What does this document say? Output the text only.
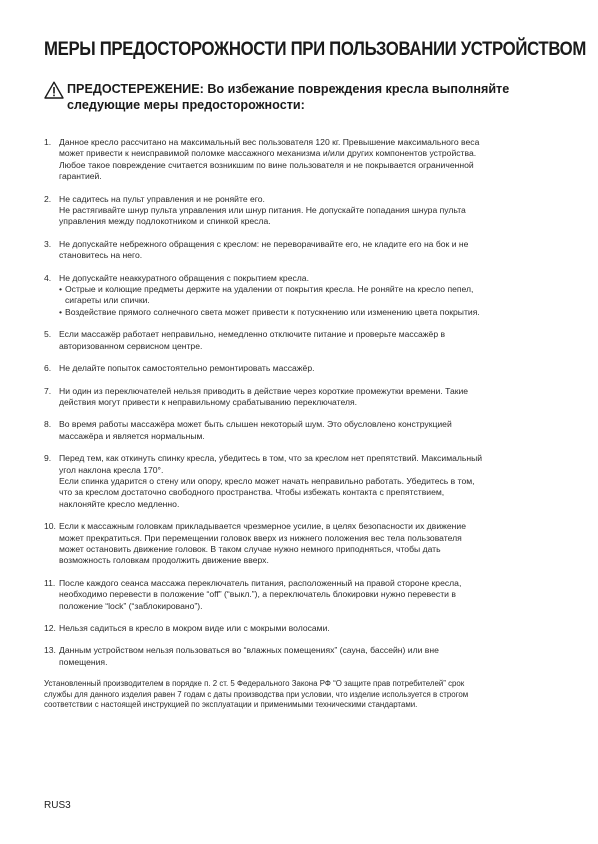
МЕРЫ ПРЕДОСТОРОЖНОСТИ ПРИ ПОЛЬЗОВАНИИ УСТРОЙСТВОМ
ПРЕДОСТЕРЕЖЕНИЕ: Во избежание повреждения кресла выполняйте
следующие меры предосторожности:
1. Данное кресло рассчитано на максимальный вес пользователя 120 кг. Превышение максимального веса
может привести к неисправимой поломке массажного механизма и/или других компонентов устройства.
Любое такое повреждение считается возникшим по вине пользователя и не покрывается ограниченной
гарантией.
2. Не садитесь на пульт управления и не роняйте его.
Не растягивайте шнур пульта управления или шнур питания. Не допускайте попадания шнура пульта
управления между подлокотником и спинкой кресла.
3. Не допускайте небрежного обращения с креслом: не переворачивайте его, не кладите его на бок и не
становитесь на него.
4. Не допускайте неаккуратного обращения с покрытием кресла.
• Острые и колющие предметы держите на удалении от покрытия кресла. Не роняйте на кресло пепел,
сигареты или спички.
• Воздействие прямого солнечного света может привести к потускнению или изменению цвета покрытия.
5. Если массажёр работает неправильно, немедленно отключите питание и проверьте массажёр в
авторизованном сервисном центре.
6. Не делайте попыток самостоятельно ремонтировать массажёр.
7. Ни один из переключателей нельзя приводить в действие через короткие промежутки времени. Такие
действия могут привести к неправильному срабатыванию переключателя.
8. Во время работы массажёра может быть слышен некоторый шум. Это обусловлено конструкцией
массажёра и является нормальным.
9. Перед тем, как откинуть спинку кресла, убедитесь в том, что за креслом нет препятствий. Максимальный
угол наклона кресла 170°.
Если спинка ударится о стену или опору, кресло может начать неправильно работать. Убедитесь в том,
что за креслом достаточно свободного пространства. Чтобы избежать контакта с препятствием,
наклоняйте кресло медленно.
10. Если к массажным головкам прикладывается чрезмерное усилие, в целях безопасности их движение
может прекратиться. При перемещении головок вверх из нижнего положения вес тела пользователя
может остановить движение головок. В таком случае нужно немного приподняться, чтобы дать
возможность головкам продолжить движение вверх.
11. После каждого сеанса массажа переключатель питания, расположенный на правой стороне кресла,
необходимо перевести в положение “off” (“выкл.”), а переключатель блокировки нужно перевести в
положение “lock” (“заблокировано”).
12. Нельзя садиться в кресло в мокром виде или с мокрыми волосами.
13. Данным устройством нельзя пользоваться во “влажных помещениях” (сауна, бассейн) или вне
помещения.
Установленный производителем в порядке п. 2 ст. 5 Федерального Закона РФ “О защите прав потребителей” срок
службы для данного изделия равен 7 годам с даты производства при условии, что изделие используется в строгом
соответствии с настоящей инструкцией по эксплуатации и применимыми техническими стандартами.
RUS3
